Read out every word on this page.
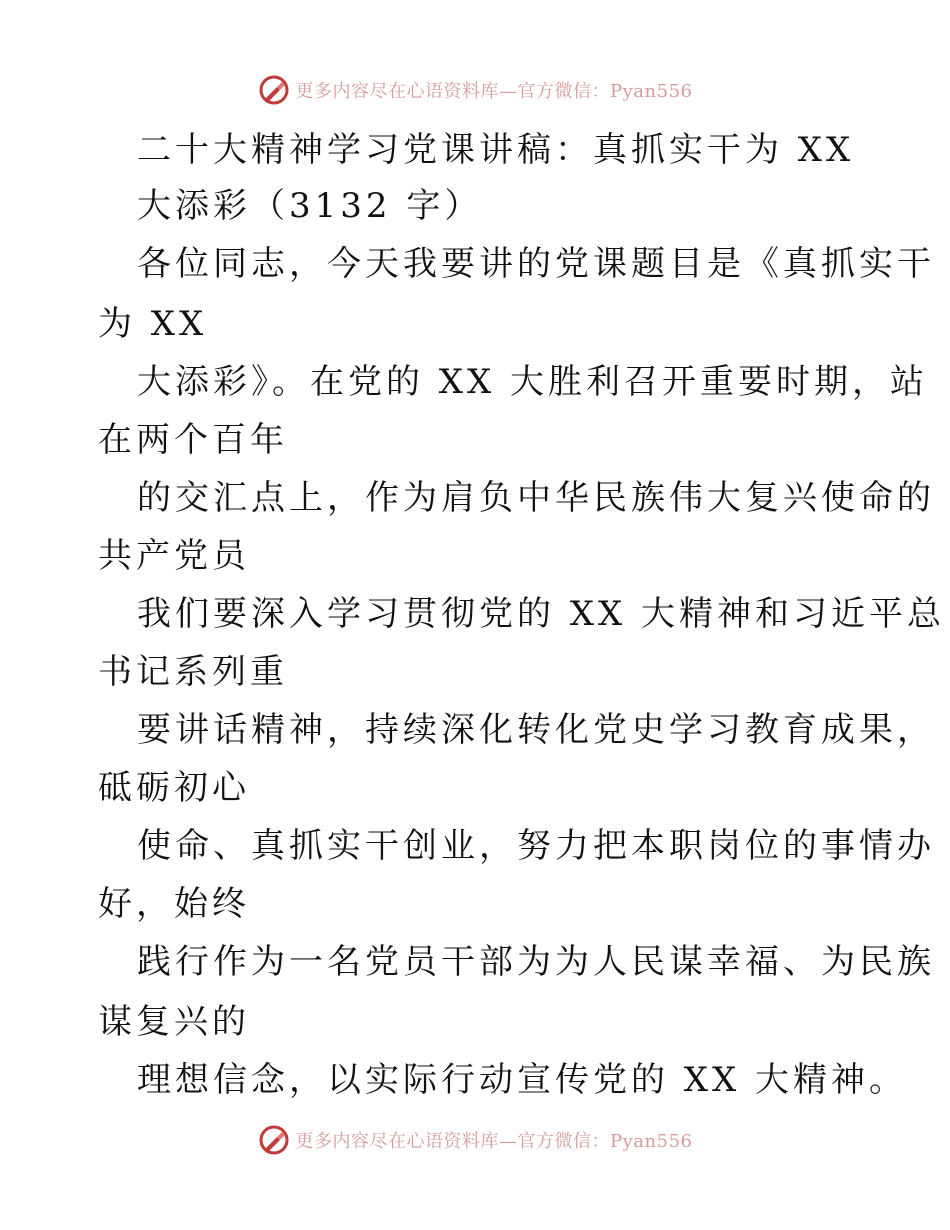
更多内容尽在心语资料库—官方微信：Pyan556
二十大精神学习党课讲稿：真抓实干为 XX
大添彩（3132 字）
各位同志，今天我要讲的党课题目是《真抓实干
为 XX
大添彩》。在党的 XX 大胜利召开重要时期，站
在两个百年
的交汇点上，作为肩负中华民族伟大复兴使命的
共产党员
我们要深入学习贯彻党的 XX 大精神和习近平总
书记系列重
要讲话精神，持续深化转化党史学习教育成果，
砥砺初心
使命、真抓实干创业，努力把本职岗位的事情办
好，始终
践行作为一名党员干部为为人民谋幸福、为民族
谋复兴的
理想信念，以实际行动宣传党的 XX 大精神。
更多内容尽在心语资料库—官方微信：Pyan556
